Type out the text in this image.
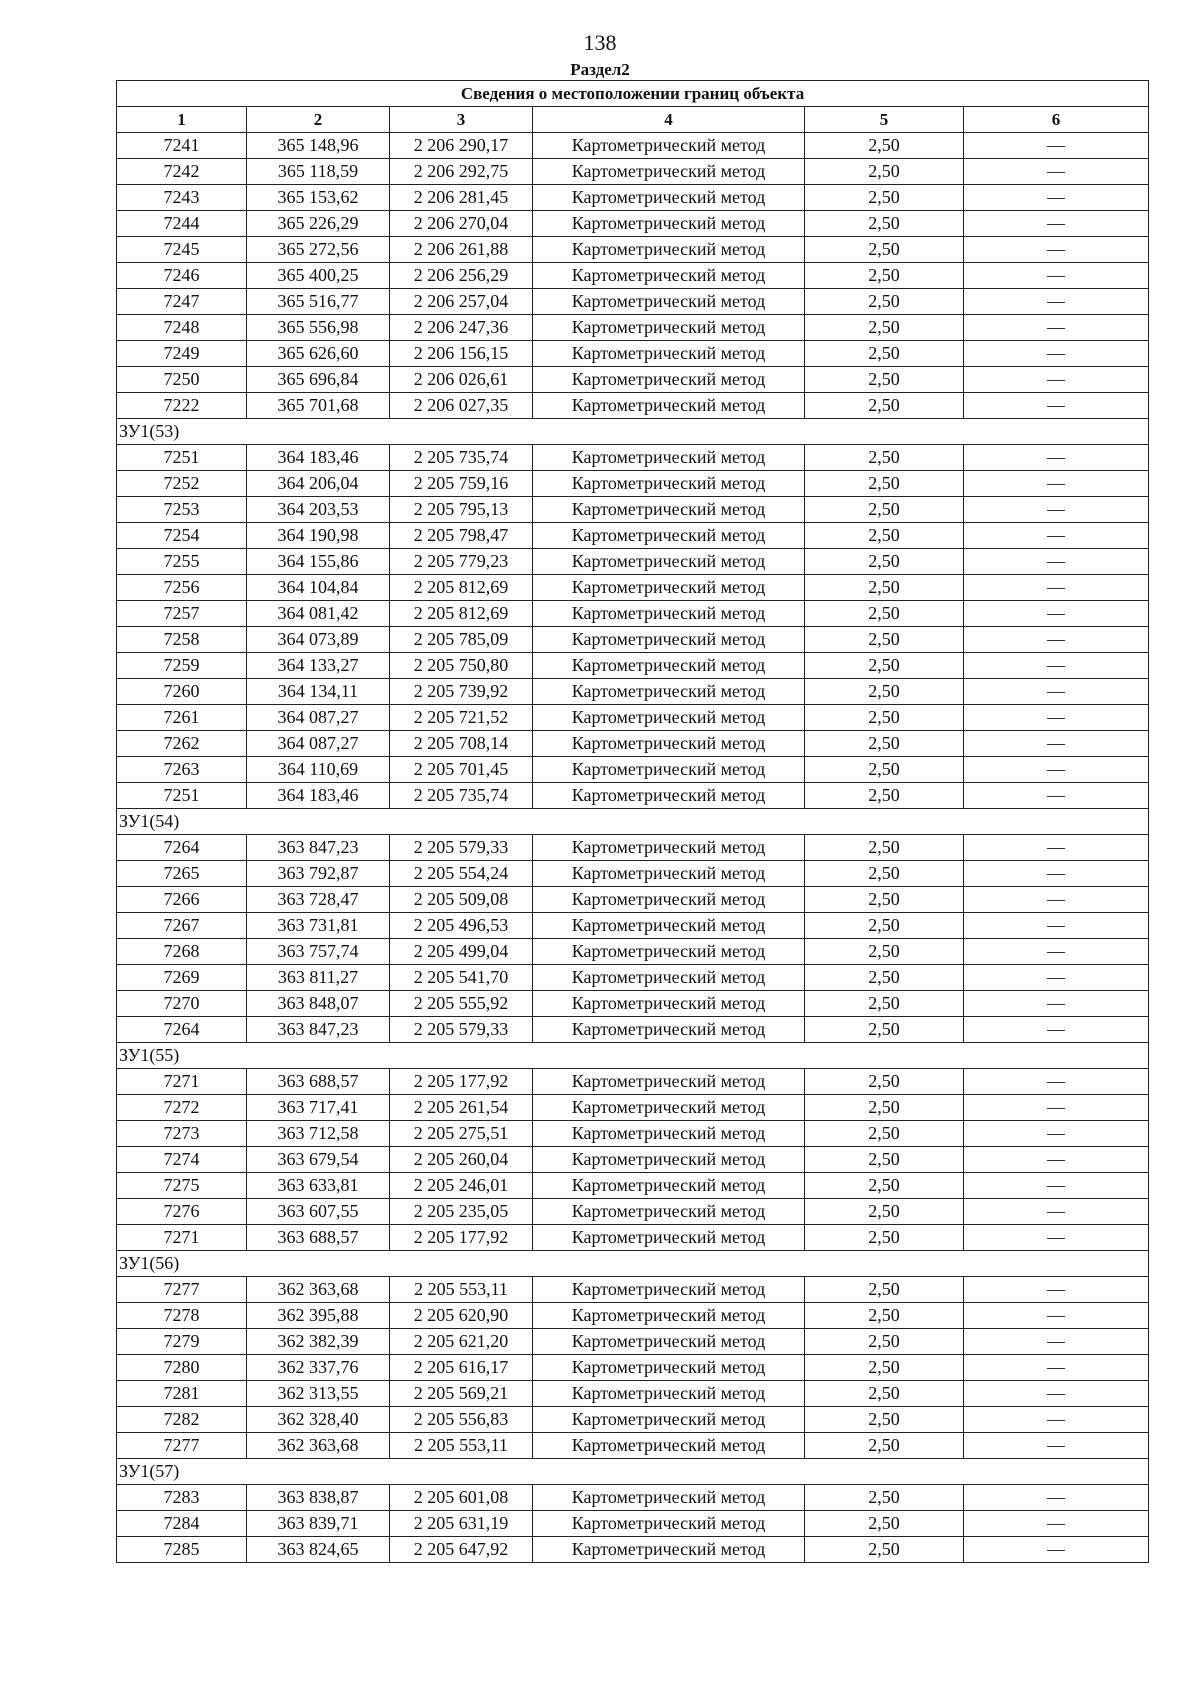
138
Раздел2
Сведения о местоположении границ объекта					
1	2	3	4	5	6
7241	365 148,96	2 206 290,17	Картометрический метод	2,50	—
7242	365 118,59	2 206 292,75	Картометрический метод	2,50	—
7243	365 153,62	2 206 281,45	Картометрический метод	2,50	—
7244	365 226,29	2 206 270,04	Картометрический метод	2,50	—
7245	365 272,56	2 206 261,88	Картометрический метод	2,50	—
7246	365 400,25	2 206 256,29	Картометрический метод	2,50	—
7247	365 516,77	2 206 257,04	Картометрический метод	2,50	—
7248	365 556,98	2 206 247,36	Картометрический метод	2,50	—
7249	365 626,60	2 206 156,15	Картометрический метод	2,50	—
7250	365 696,84	2 206 026,61	Картометрический метод	2,50	—
7222	365 701,68	2 206 027,35	Картометрический метод	2,50	—
ЗУ1(53)					
7251	364 183,46	2 205 735,74	Картометрический метод	2,50	—
7252	364 206,04	2 205 759,16	Картометрический метод	2,50	—
7253	364 203,53	2 205 795,13	Картометрический метод	2,50	—
7254	364 190,98	2 205 798,47	Картометрический метод	2,50	—
7255	364 155,86	2 205 779,23	Картометрический метод	2,50	—
7256	364 104,84	2 205 812,69	Картометрический метод	2,50	—
7257	364 081,42	2 205 812,69	Картометрический метод	2,50	—
7258	364 073,89	2 205 785,09	Картометрический метод	2,50	—
7259	364 133,27	2 205 750,80	Картометрический метод	2,50	—
7260	364 134,11	2 205 739,92	Картометрический метод	2,50	—
7261	364 087,27	2 205 721,52	Картометрический метод	2,50	—
7262	364 087,27	2 205 708,14	Картометрический метод	2,50	—
7263	364 110,69	2 205 701,45	Картометрический метод	2,50	—
7251	364 183,46	2 205 735,74	Картометрический метод	2,50	—
ЗУ1(54)					
7264	363 847,23	2 205 579,33	Картометрический метод	2,50	—
7265	363 792,87	2 205 554,24	Картометрический метод	2,50	—
7266	363 728,47	2 205 509,08	Картометрический метод	2,50	—
7267	363 731,81	2 205 496,53	Картометрический метод	2,50	—
7268	363 757,74	2 205 499,04	Картометрический метод	2,50	—
7269	363 811,27	2 205 541,70	Картометрический метод	2,50	—
7270	363 848,07	2 205 555,92	Картометрический метод	2,50	—
7264	363 847,23	2 205 579,33	Картометрический метод	2,50	—
ЗУ1(55)					
7271	363 688,57	2 205 177,92	Картометрический метод	2,50	—
7272	363 717,41	2 205 261,54	Картометрический метод	2,50	—
7273	363 712,58	2 205 275,51	Картометрический метод	2,50	—
7274	363 679,54	2 205 260,04	Картометрический метод	2,50	—
7275	363 633,81	2 205 246,01	Картометрический метод	2,50	—
7276	363 607,55	2 205 235,05	Картометрический метод	2,50	—
7271	363 688,57	2 205 177,92	Картометрический метод	2,50	—
ЗУ1(56)					
7277	362 363,68	2 205 553,11	Картометрический метод	2,50	—
7278	362 395,88	2 205 620,90	Картометрический метод	2,50	—
7279	362 382,39	2 205 621,20	Картометрический метод	2,50	—
7280	362 337,76	2 205 616,17	Картометрический метод	2,50	—
7281	362 313,55	2 205 569,21	Картометрический метод	2,50	—
7282	362 328,40	2 205 556,83	Картометрический метод	2,50	—
7277	362 363,68	2 205 553,11	Картометрический метод	2,50	—
ЗУ1(57)					
7283	363 838,87	2 205 601,08	Картометрический метод	2,50	—
7284	363 839,71	2 205 631,19	Картометрический метод	2,50	—
7285	363 824,65	2 205 647,92	Картометрический метод	2,50	—
